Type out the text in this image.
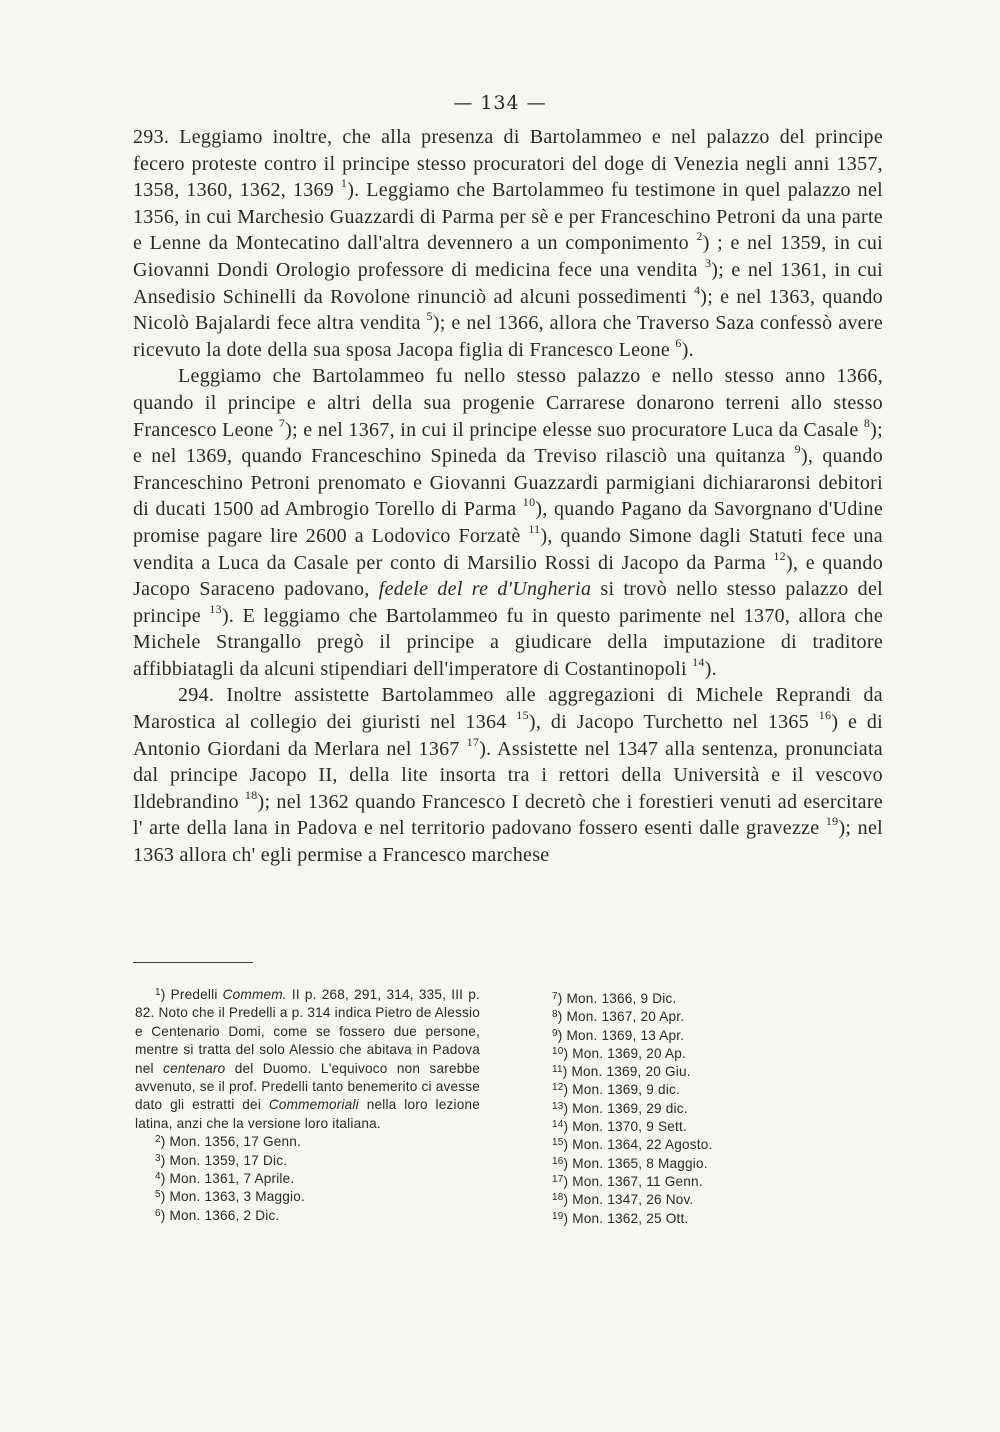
— 134 —

293. Leggiamo inoltre, che alla presenza di Bartolammeo e nel palazzo del principe fecero proteste contro il principe stesso procuratori del doge di Venezia negli anni 1357, 1358, 1360, 1362, 1369 $^1$). Leggiamo che Bartolammeo fu testimone in quel palazzo nel 1356, in cui Marchesio Guazzardi di Parma per sè e per Franceschino Petroni da una parte e Lenne da Montecatino dall'altra devennero a un componimento $^2$) ; e nel 1359, in cui Giovanni Dondi Orologio professore di medicina fece una vendita $^3$); e nel 1361, in cui Ansedisio Schinelli da Rovolone rinunciò ad alcuni possedimenti $^4$); e nel 1363, quando Nicolò Bajalardi fece altra vendita $^5$); e nel 1366, allora che Traverso Saza confessò avere ricevuto la dote della sua sposa Jacopa figlia di Francesco Leone $^6$).

Leggiamo che Bartolammeo fu nello stesso palazzo e nello stesso anno 1366, quando il principe e altri della sua progenie Carrarese donarono terreni allo stesso Francesco Leone $^7$); e nel 1367, in cui il principe elesse suo procuratore Luca da Casale $^8$); e nel 1369, quando Franceschino Spineda da Treviso rilasciò una quitanza $^9$), quando Franceschino Petroni prenomato e Giovanni Guazzardi parmigiani dichiararonsi debitori di ducati 1500 ad Ambrogio Torello di Parma $^{10}$), quando Pagano da Savorgnano d'Udine promise pagare lire 2600 a Lodovico Forzatè $^{11}$), quando Simone dagli Statuti fece una vendita a Luca da Casale per conto di Marsilio Rossi di Jacopo da Parma $^{12}$), e quando Jacopo Saraceno padovano, fedele del re d'Ungheria si trovò nello stesso palazzo del principe $^{13}$). E leggiamo che Bartolammeo fu in questo parimente nel 1370, allora che Michele Strangallo pregò il principe a giudicare della imputazione di traditore affibbiatagli da alcuni stipendiari dell'imperatore di Costantinopoli $^{14}$).

294. Inoltre assistette Bartolammeo alle aggregazioni di Michele Reprandi da Marostica al collegio dei giuristi nel 1364 $^{15}$), di Jacopo Turchetto nel 1365 $^{16}$) e di Antonio Giordani da Merlara nel 1367 $^{17}$). Assistette nel 1347 alla sentenza, pronunciata dal principe Jacopo II, della lite insorta tra i rettori della Università e il vescovo Ildebrandino $^{18}$); nel 1362 quando Francesco I decretò che i forestieri venuti ad esercitare l' arte della lana in Padova e nel territorio padovano fossero esenti dalle gravezze $^{19}$); nel 1363 allora ch' egli permise a Francesco marchese

$^1$) Predelli Commem. II p. 268, 291, 314, 335, III p. 82. Noto che il Predelli a p. 314 indica Pietro de Alessio e Centenario Domi, come se fossero due persone, mentre si tratta del solo Alessio che abitava in Padova nel centenaro del Duomo. L'equivoco non sarebbe avvenuto, se il prof. Predelli tanto benemerito ci avesse dato gli estratti dei Commemoriali nella loro lezione latina, anzi che la versione loro italiana.
$^2$) Mon. 1356, 17 Genn.
$^3$) Mon. 1359, 17 Dic.
$^4$) Mon. 1361, 7 Aprile.
$^5$) Mon. 1363, 3 Maggio.
$^6$) Mon. 1366, 2 Dic.
$^7$) Mon. 1366, 9 Dic.
$^8$) Mon. 1367, 20 Apr.
$^9$) Mon. 1369, 13 Apr.
$^{10}$) Mon. 1369, 20 Ap.
$^{11}$) Mon. 1369, 20 Giu.
$^{12}$) Mon. 1369, 9 dic.
$^{13}$) Mon. 1369, 29 dic.
$^{14}$) Mon. 1370, 9 Sett.
$^{15}$) Mon. 1364, 22 Agosto.
$^{16}$) Mon. 1365, 8 Maggio.
$^{17}$) Mon. 1367, 11 Genn.
$^{18}$) Mon. 1347, 26 Nov.
$^{19}$) Mon. 1362, 25 Ott.
